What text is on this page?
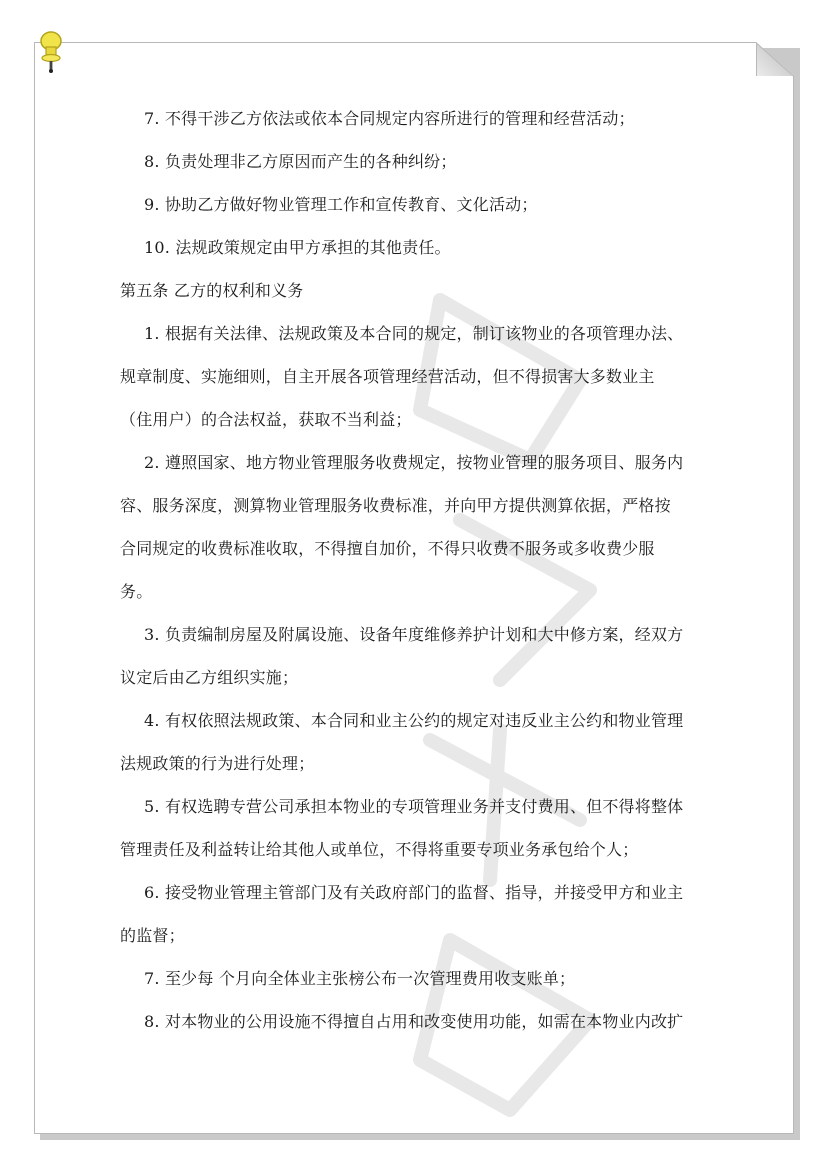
7. 不得干涉乙方依法或依本合同规定内容所进行的管理和经营活动；
8. 负责处理非乙方原因而产生的各种纠纷；
9. 协助乙方做好物业管理工作和宣传教育、文化活动；
10. 法规政策规定由甲方承担的其他责任。
第五条 乙方的权利和义务
1. 根据有关法律、法规政策及本合同的规定，制订该物业的各项管理办法、
规章制度、实施细则，自主开展各项管理经营活动，但不得损害大多数业主
（住用户）的合法权益，获取不当利益；
2. 遵照国家、地方物业管理服务收费规定，按物业管理的服务项目、服务内
容、服务深度，测算物业管理服务收费标准，并向甲方提供测算依据，严格按
合同规定的收费标准收取，不得擅自加价，不得只收费不服务或多收费少服
务。
3. 负责编制房屋及附属设施、设备年度维修养护计划和大中修方案，经双方
议定后由乙方组织实施；
4. 有权依照法规政策、本合同和业主公约的规定对违反业主公约和物业管理
法规政策的行为进行处理；
5. 有权选聘专营公司承担本物业的专项管理业务并支付费用、但不得将整体
管理责任及利益转让给其他人或单位，不得将重要专项业务承包给个人；
6. 接受物业管理主管部门及有关政府部门的监督、指导，并接受甲方和业主
的监督；
7. 至少每 个月向全体业主张榜公布一次管理费用收支账单；
8. 对本物业的公用设施不得擅自占用和改变使用功能，如需在本物业内改扩
